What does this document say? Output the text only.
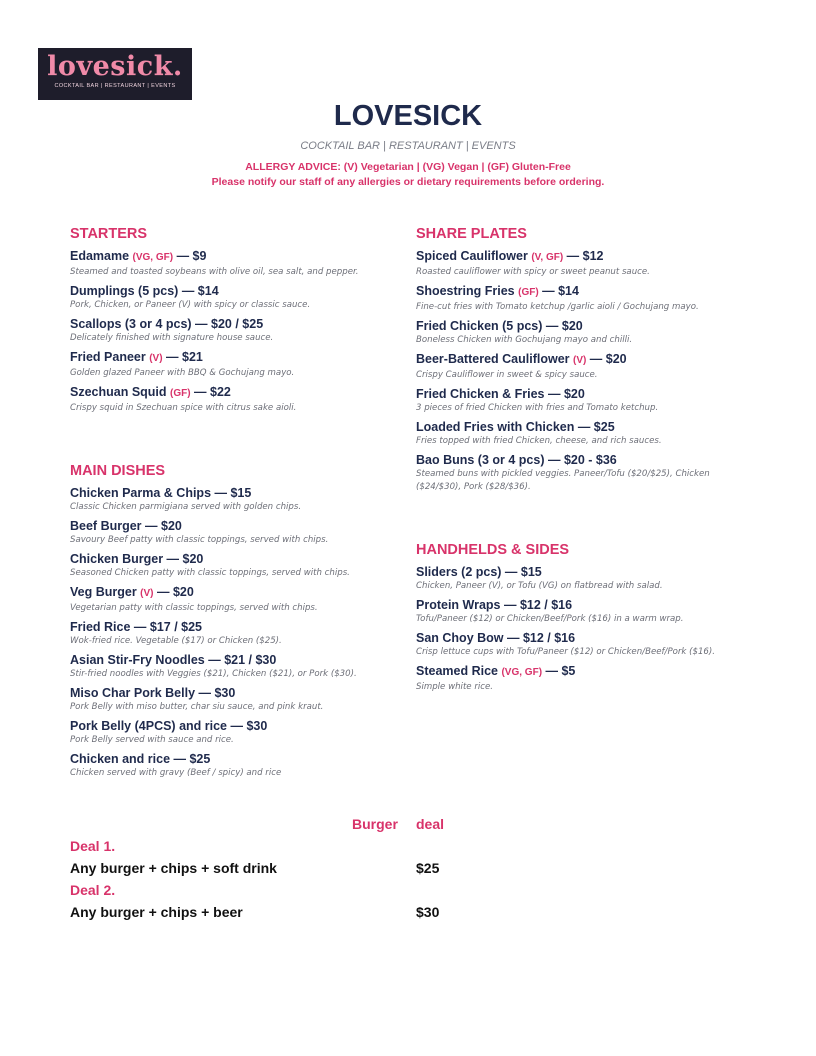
lovesick.
COCKTAIL BAR | RESTAURANT | EVENTS
LOVESICK
COCKTAIL BAR | RESTAURANT | EVENTS
ALLERGY ADVICE: (V) Vegetarian | (VG) Vegan | (GF) Gluten-Free
Please notify our staff of any allergies or dietary requirements before ordering.
STARTERS
Edamame (VG, GF) — $9
Steamed and toasted soybeans with olive oil, sea salt, and pepper.
Dumplings (5 pcs) — $14
Pork, Chicken, or Paneer (V) with spicy or classic sauce.
Scallops (3 or 4 pcs) — $20 / $25
Delicately finished with signature house sauce.
Fried Paneer (V) — $21
Golden glazed Paneer with BBQ & Gochujang mayo.
Szechuan Squid (GF) — $22
Crispy squid in Szechuan spice with citrus sake aioli.
MAIN DISHES
Chicken Parma & Chips — $15
Classic Chicken parmigiana served with golden chips.
Beef Burger — $20
Savoury Beef patty with classic toppings, served with chips.
Chicken Burger — $20
Seasoned Chicken patty with classic toppings, served with chips.
Veg Burger (V) — $20
Vegetarian patty with classic toppings, served with chips.
Fried Rice — $17 / $25
Wok-fried rice. Vegetable ($17) or Chicken ($25).
Asian Stir-Fry Noodles — $21 / $30
Stir-fried noodles with Veggies ($21), Chicken ($21), or Pork ($30).
Miso Char Pork Belly — $30
Pork Belly with miso butter, char siu sauce, and pink kraut.
Pork Belly (4PCS) and rice — $30
Pork Belly served with sauce and rice.
Chicken and rice — $25
Chicken served with gravy (Beef / spicy) and rice
SHARE PLATES
Spiced Cauliflower (V, GF) — $12
Roasted cauliflower with spicy or sweet peanut sauce.
Shoestring Fries (GF) — $14
Fine-cut fries with Tomato ketchup /garlic aioli / Gochujang mayo.
Fried Chicken (5 pcs) — $20
Boneless Chicken with Gochujang mayo and chilli.
Beer-Battered Cauliflower (V) — $20
Crispy Cauliflower in sweet & spicy sauce.
Fried Chicken & Fries — $20
3 pieces of fried Chicken with fries and Tomato ketchup.
Loaded Fries with Chicken — $25
Fries topped with fried Chicken, cheese, and rich sauces.
Bao Buns (3 or 4 pcs) — $20 - $36
Steamed buns with pickled veggies. Paneer/Tofu ($20/$25), Chicken ($24/$30), Pork ($28/$36).
HANDHELDS & SIDES
Sliders (2 pcs) — $15
Chicken, Paneer (V), or Tofu (VG) on flatbread with salad.
Protein Wraps — $12 / $16
Tofu/Paneer ($12) or Chicken/Beef/Pork ($16) in a warm wrap.
San Choy Bow — $12 / $16
Crisp lettuce cups with Tofu/Paneer ($12) or Chicken/Beef/Pork ($16).
Steamed Rice (VG, GF) — $5
Simple white rice.
Burger deal
Deal 1.
Any burger + chips + soft drink	$25
Deal 2.
Any burger + chips + beer	$30
